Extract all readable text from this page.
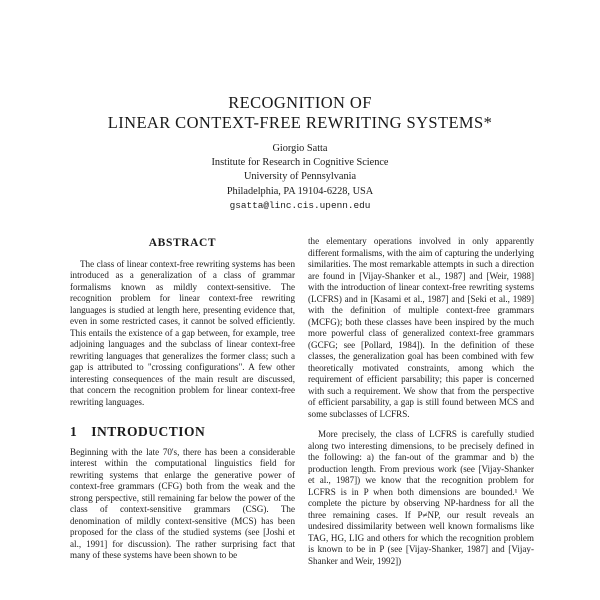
RECOGNITION OF
LINEAR CONTEXT-FREE REWRITING SYSTEMS*
Giorgio Satta
Institute for Research in Cognitive Science
University of Pennsylvania
Philadelphia, PA 19104-6228, USA
gsatta@linc.cis.upenn.edu
ABSTRACT

The class of linear context-free rewriting systems has been introduced as a generalization of a class of grammar formalisms known as mildly context-sensitive. The recognition problem for linear context-free rewriting languages is studied at length here, presenting evidence that, even in some restricted cases, it cannot be solved efficiently. This entails the existence of a gap between, for example, tree adjoining languages and the subclass of linear context-free rewriting languages that generalizes the former class; such a gap is attributed to "crossing configurations". A few other interesting consequences of the main result are discussed, that concern the recognition problem for linear context-free rewriting languages.

1 INTRODUCTION

Beginning with the late 70's, there has been a considerable interest within the computational linguistics field for rewriting systems that enlarge the generative power of context-free grammars (CFG) both from the weak and the strong perspective, still remaining far below the power of the class of context-sensitive grammars (CSG). The denomination of mildly context-sensitive (MCS) has been proposed for the class of the studied systems (see [Joshi et al., 1991] for discussion). The rather surprising fact that many of these systems have been shown to be

the elementary operations involved in only apparently different formalisms, with the aim of capturing the underlying similarities. The most remarkable attempts in such a direction are found in [Vijay-Shanker et al., 1987] and [Weir, 1988] with the introduction of linear context-free rewriting systems (LCFRS) and in [Kasami et al., 1987] and [Seki et al., 1989] with the definition of multiple context-free grammars (MCFG); both these classes have been inspired by the much more powerful class of generalized context-free grammars (GCFG; see [Pollard, 1984]). In the definition of these classes, the generalization goal has been combined with few theoretically motivated constraints, among which the requirement of efficient parsability; this paper is concerned with such a requirement. We show that from the perspective of efficient parsability, a gap is still found between MCS and some subclasses of LCFRS.

More precisely, the class of LCFRS is carefully studied along two interesting dimensions, to be precisely defined in the following: a) the fan-out of the grammar and b) the production length. From previous work (see [Vijay-Shanker et al., 1987]) we know that the recognition problem for LCFRS is in P when both dimensions are bounded.¹ We complete the picture by observing NP-hardness for all the three remaining cases. If P≠NP, our result reveals an undesired dissimilarity between well known formalisms like TAG, HG, LIG and others for which the recognition problem is known to be in P (see [Vijay-Shanker, 1987] and [Vijay-Shanker and Weir, 1992])
